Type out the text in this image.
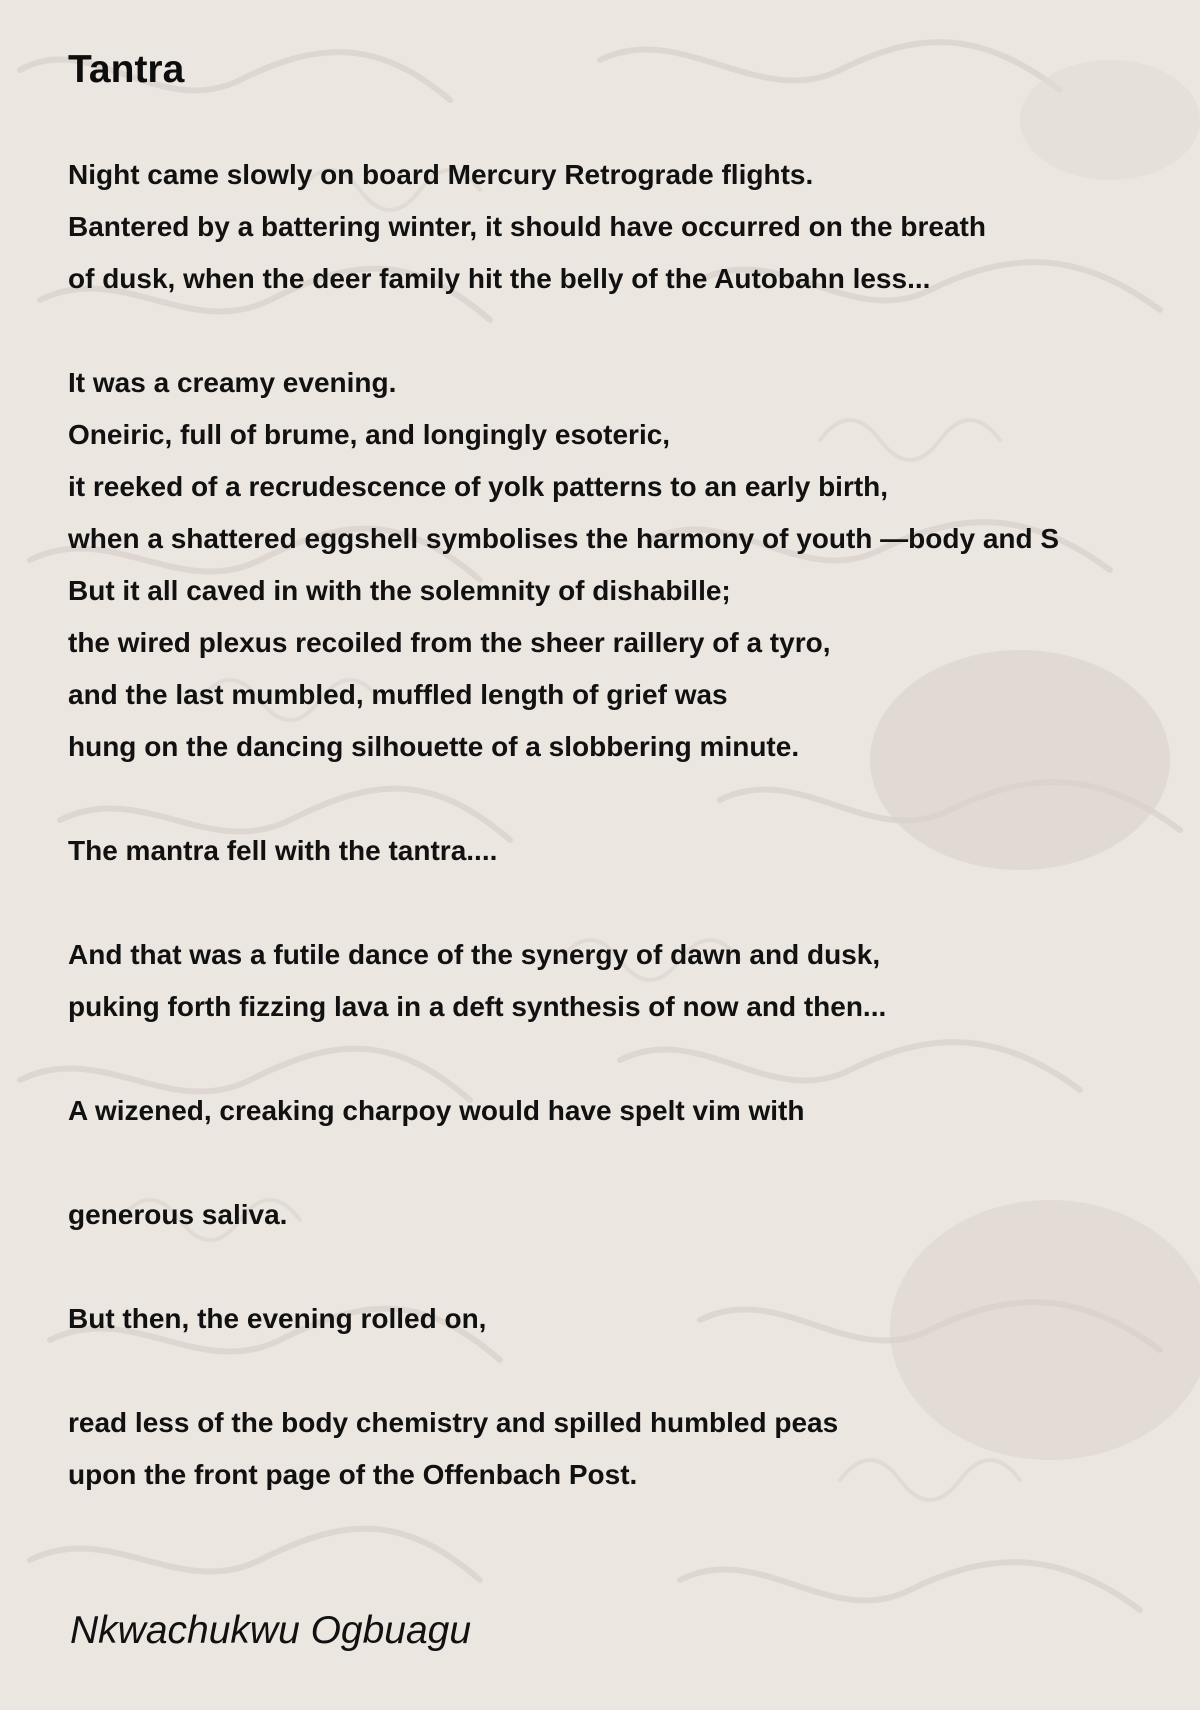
Tantra
Night came slowly on board Mercury Retrograde flights.
Bantered by a battering winter, it should have occurred on the breath
of dusk, when the deer family hit the belly of the Autobahn less...
It was a creamy evening.
Oneiric, full of brume, and longingly esoteric,
it reeked of a recrudescence of yolk patterns to an early birth,
when a shattered eggshell symbolises the harmony of youth —body and S
But it all caved in with the solemnity of dishabille;
the wired plexus recoiled from the sheer raillery of a tyro,
and the last mumbled, muffled length of grief was
hung on the dancing silhouette of a slobbering minute.
The mantra fell with the tantra....
And that was a futile dance of the synergy of dawn and dusk,
puking forth fizzing lava in a deft synthesis of now and then...
A wizened, creaking charpoy would have spelt vim with
generous saliva.
But then, the evening rolled on,
read less of the body chemistry and spilled humbled peas
upon the front page of the Offenbach Post.

Nkwachukwu Ogbuagu
